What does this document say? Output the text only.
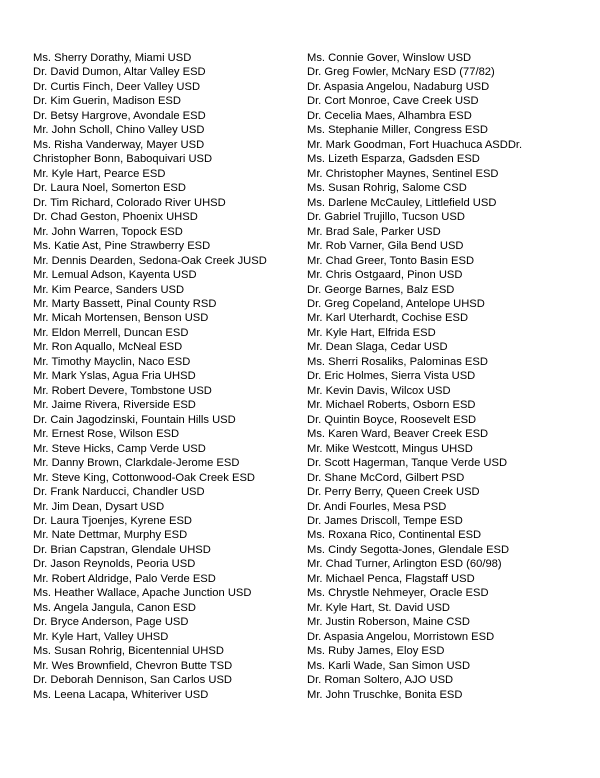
Ms. Sherry Dorathy, Miami USD
Dr. David Dumon, Altar Valley ESD
Dr. Curtis Finch, Deer Valley USD
Dr. Kim Guerin, Madison ESD
Dr. Betsy Hargrove, Avondale ESD
Mr. John Scholl, Chino Valley USD
Ms. Risha Vanderway, Mayer USD
Christopher Bonn, Baboquivari USD
Mr. Kyle Hart, Pearce ESD
Dr. Laura Noel, Somerton ESD
Dr. Tim Richard, Colorado River UHSD
Dr. Chad Geston, Phoenix UHSD
Mr. John Warren, Topock ESD
Ms. Katie Ast, Pine Strawberry ESD
Mr. Dennis Dearden, Sedona-Oak Creek JUSD
Mr. Lemual Adson, Kayenta USD
Mr. Kim Pearce, Sanders USD
Mr. Marty Bassett, Pinal County RSD
Mr. Micah Mortensen, Benson USD
Mr. Eldon Merrell, Duncan ESD
Mr. Ron Aquallo, McNeal ESD
Mr. Timothy Mayclin, Naco ESD
Mr. Mark Yslas, Agua Fria UHSD
Mr. Robert Devere, Tombstone USD
Mr. Jaime Rivera, Riverside ESD
Dr. Cain Jagodzinski, Fountain Hills USD
Mr. Ernest Rose, Wilson ESD
Mr. Steve Hicks, Camp Verde USD
Mr. Danny Brown, Clarkdale-Jerome ESD
Mr. Steve King, Cottonwood-Oak Creek ESD
Dr. Frank Narducci, Chandler USD
Mr. Jim Dean, Dysart USD
Dr. Laura Tjoenjes, Kyrene ESD
Mr. Nate Dettmar, Murphy ESD
Dr. Brian Capstran, Glendale UHSD
Dr. Jason Reynolds, Peoria USD
Mr. Robert Aldridge, Palo Verde ESD
Ms. Heather Wallace, Apache Junction USD
Ms. Angela Jangula, Canon ESD
Dr. Bryce Anderson, Page USD
Mr. Kyle Hart, Valley UHSD
Ms. Susan Rohrig, Bicentennial UHSD
Mr. Wes Brownfield, Chevron Butte TSD
Dr. Deborah Dennison, San Carlos USD
Ms. Leena Lacapa, Whiteriver USD
Ms. Connie Gover, Winslow USD
Dr. Greg Fowler, McNary ESD (77/82)
Dr. Aspasia Angelou, Nadaburg USD
Dr. Cort Monroe, Cave Creek USD
Dr. Cecelia Maes, Alhambra ESD
Ms. Stephanie Miller, Congress ESD
Mr. Mark Goodman, Fort Huachuca ASDDr.
Ms. Lizeth Esparza, Gadsden ESD
Mr. Christopher Maynes, Sentinel ESD
Ms. Susan Rohrig, Salome CSD
Ms. Darlene McCauley, Littlefield USD
Dr. Gabriel Trujillo, Tucson USD
Mr. Brad Sale, Parker USD
Mr. Rob Varner, Gila Bend USD
Mr. Chad Greer, Tonto Basin ESD
Mr. Chris Ostgaard, Pinon USD
Dr. George Barnes, Balz ESD
Dr. Greg Copeland, Antelope UHSD
Mr. Karl Uterhardt, Cochise ESD
Mr. Kyle Hart, Elfrida ESD
Mr. Dean Slaga, Cedar USD
Ms. Sherri Rosaliks, Palominas ESD
Dr. Eric Holmes, Sierra Vista USD
Mr. Kevin Davis, Wilcox USD
Mr. Michael Roberts, Osborn ESD
Dr. Quintin Boyce, Roosevelt ESD
Ms. Karen Ward, Beaver Creek ESD
Mr. Mike Westcott, Mingus UHSD
Dr. Scott Hagerman, Tanque Verde USD
Dr. Shane McCord, Gilbert PSD
Dr. Perry Berry, Queen Creek USD
Dr. Andi Fourles, Mesa PSD
Dr. James Driscoll, Tempe ESD
Ms. Roxana Rico, Continental ESD
Ms. Cindy Segotta-Jones, Glendale ESD
Mr. Chad Turner, Arlington ESD (60/98)
Mr. Michael Penca, Flagstaff USD
Ms. Chrystle Nehmeyer, Oracle ESD
Mr. Kyle Hart, St. David USD
Mr. Justin Roberson, Maine CSD
Dr. Aspasia Angelou, Morristown ESD
Ms. Ruby James, Eloy ESD
Ms. Karli Wade, San Simon USD
Dr. Roman Soltero, AJO USD
Mr. John Truschke, Bonita ESD
